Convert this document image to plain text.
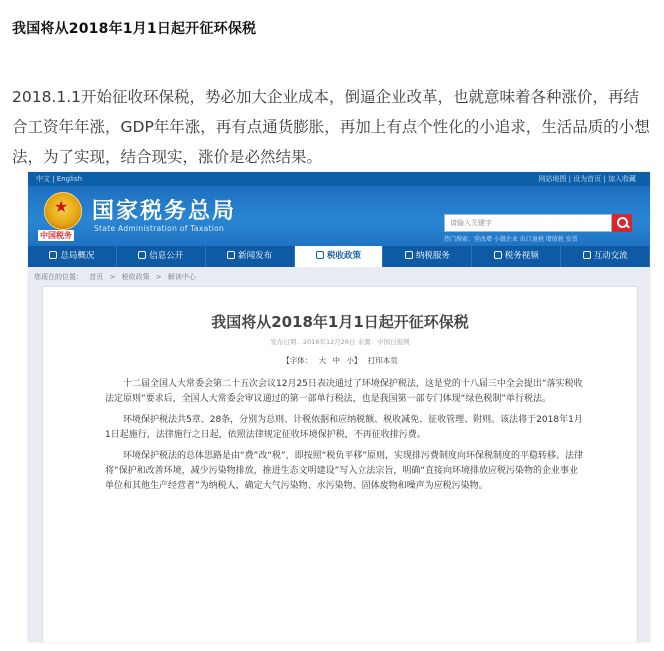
我国将从2018年1月1日起开征环保税
2018.1.1开始征收环保税，势必加大企业成本，倒逼企业改革，也就意味着各种涨价，再结合工资年年涨，GDP年年涨，再有点通货膨胀，再加上有点个性化的小追求，生活品质的小想法，为了实现，结合现实，涨价是必然结果。
中文 | English	网站地图 | 设为首页 | 加入收藏
★
中国税务
国家税务总局
State Administration of Taxation
请输入关键字
热门搜索：营改增 小微企业 出口退税 增值税 发票
总局概况	信息公开	新闻发布	税收政策	纳税服务	税务视频	互动交流
您现在的位置： 首页 > 税收政策 > 解读中心
我国将从2018年1月1日起开征环保税
发布日期：2016年12月26日 来源：中国日报网
【字体： 大 中 小】 打印本页

十二届全国人大常委会第二十五次会议12月25日表决通过了环境保护税法，这是党的十八届三中全会提出“落实税收法定原则”要求后，全国人大常委会审议通过的第一部单行税法，也是我国第一部专门体现“绿色税制”单行税法。

环境保护税法共5章、28条，分别为总则、计税依据和应纳税额、税收减免、征收管理、附则。该法将于2018年1月1日起施行，法律施行之日起，依照法律规定征收环境保护税，不再征收排污费。

环境保护税法的总体思路是由“费”改“税”，即按照“税负平移”原则，实现排污费制度向环保税制度的平稳转移。法律将“保护和改善环境，减少污染物排放，推进生态文明建设”写入立法宗旨，明确“直接向环境排放应税污染物的企业事业单位和其他生产经营者”为纳税人，确定大气污染物、水污染物、固体废物和噪声为应税污染物。
